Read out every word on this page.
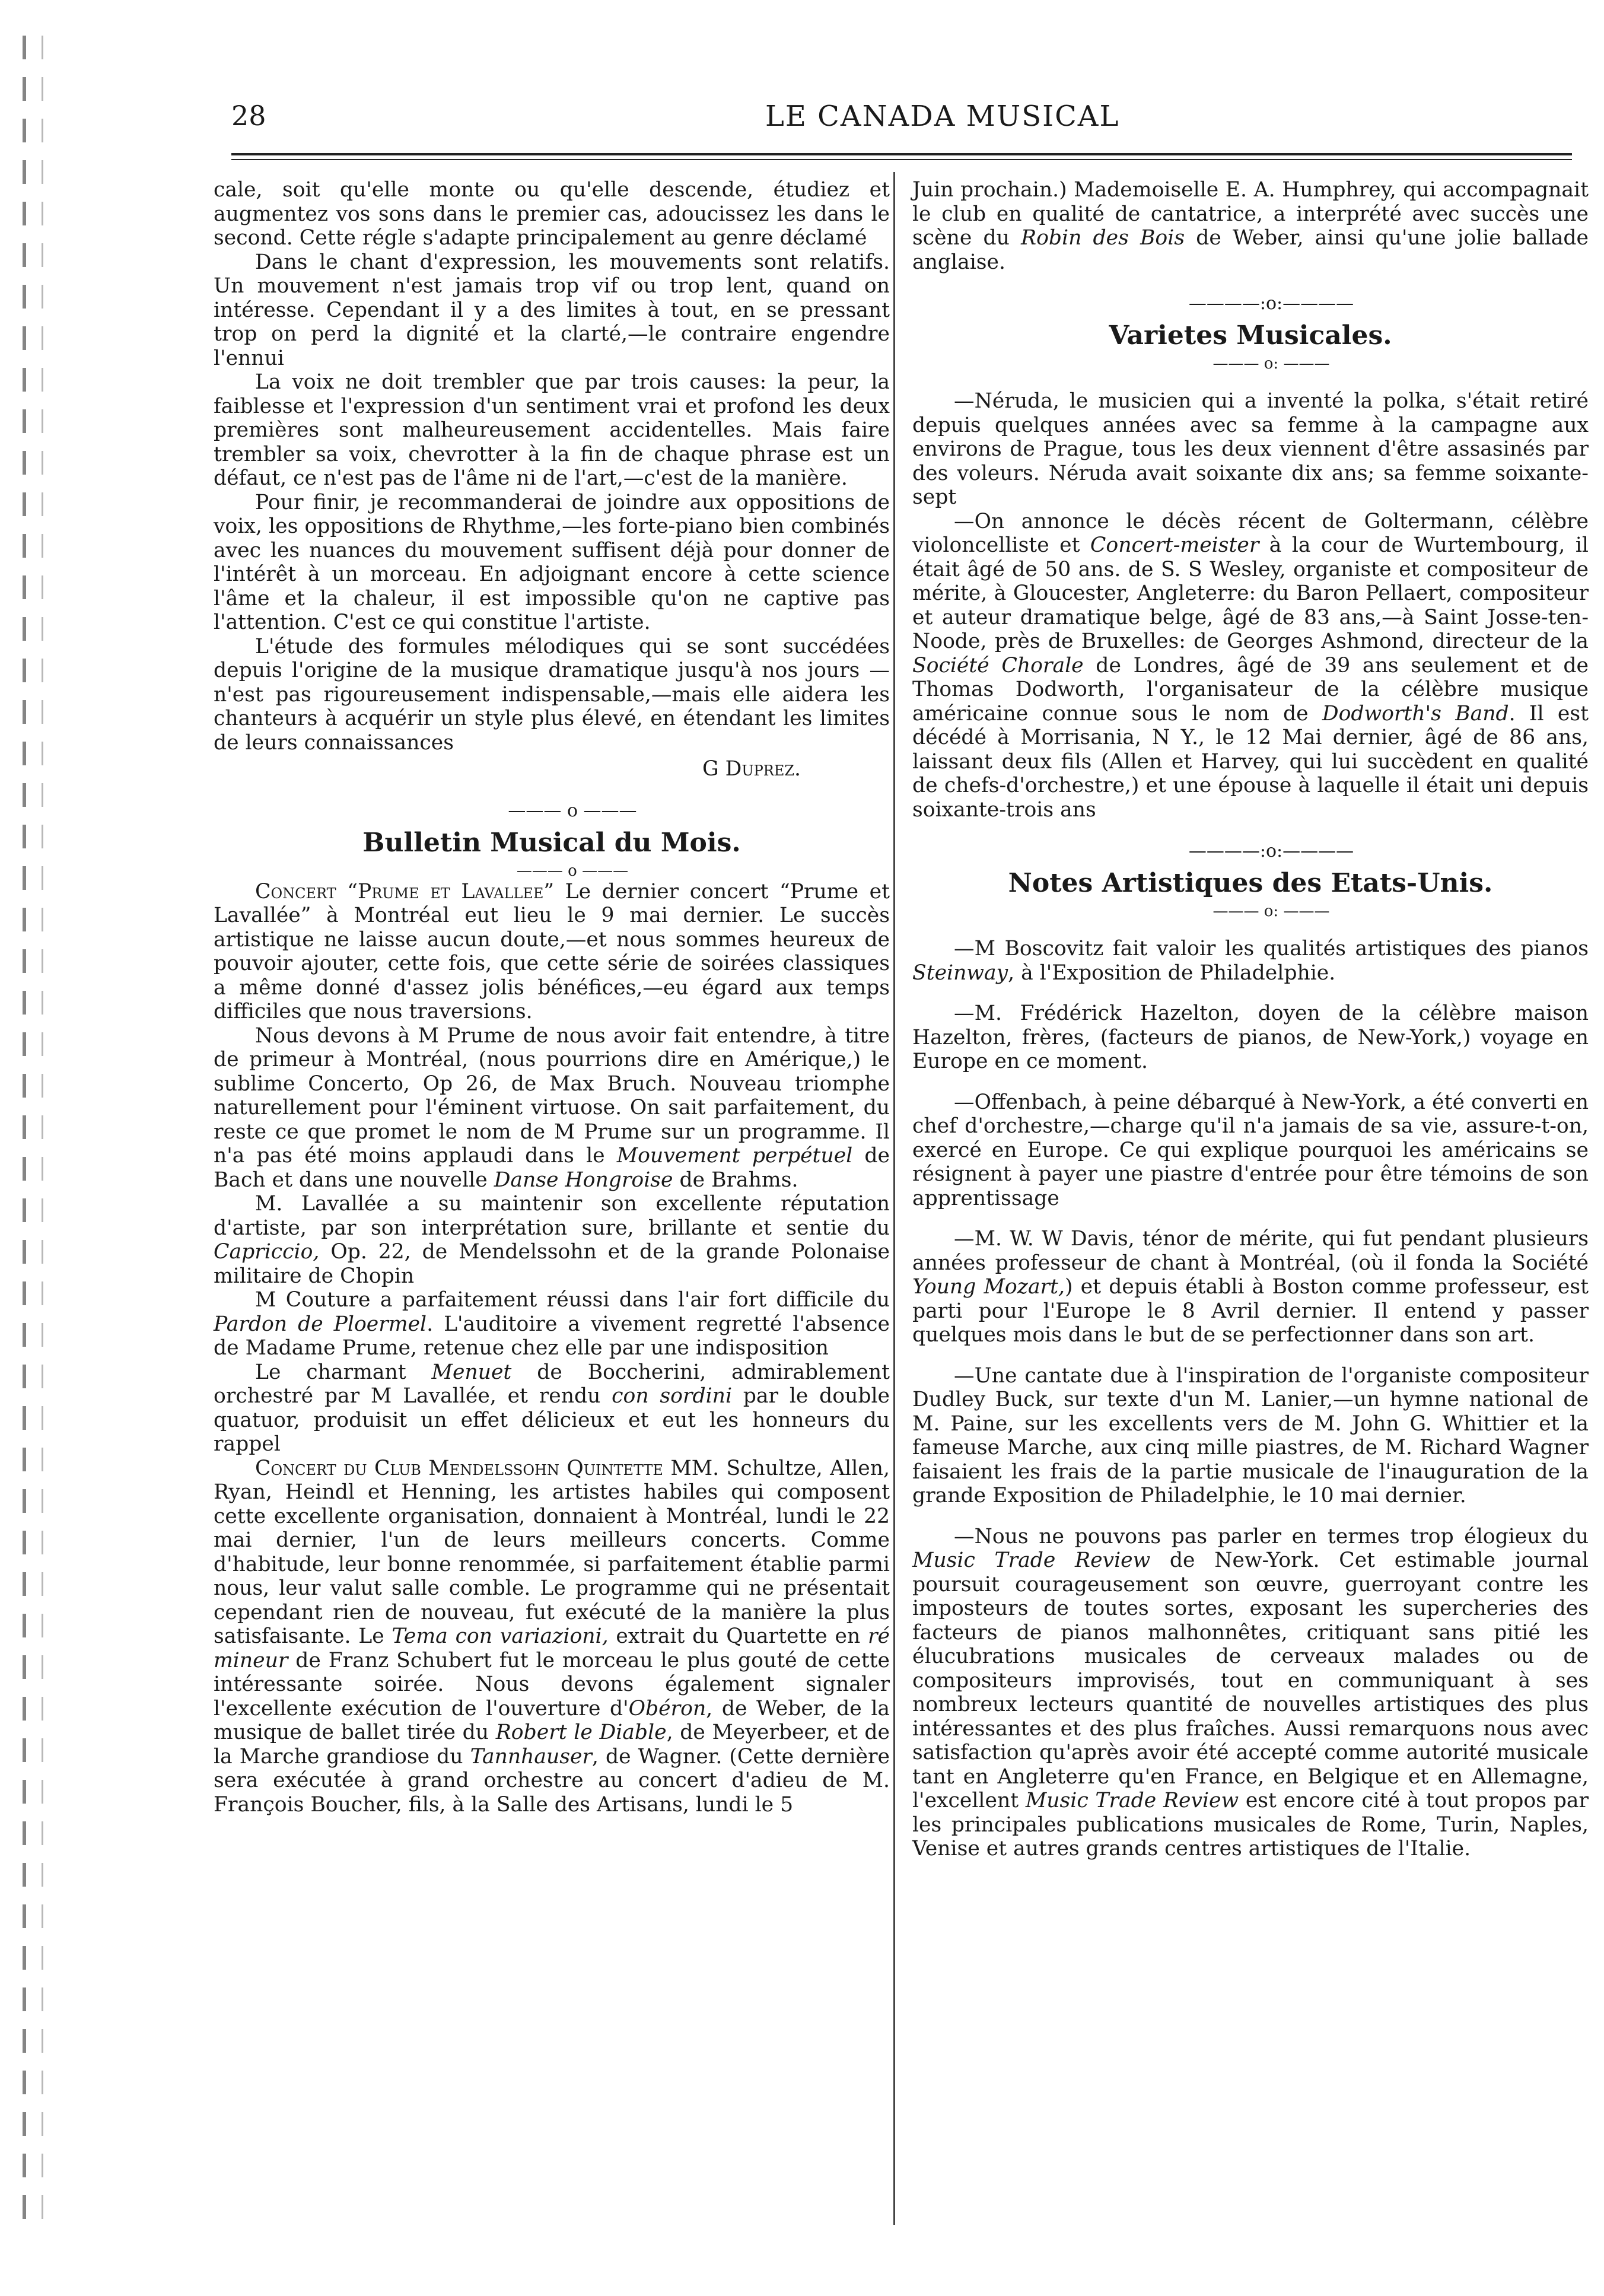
28	LE CANADA MUSICAL

cale, soit qu'elle monte ou qu'elle descende, étudiez et augmentez vos sons dans le premier cas, adoucissez les dans le second. Cette régle s'adapte principalement au genre déclamé

Dans le chant d'expression, les mouvements sont relatifs. Un mouvement n'est jamais trop vif ou trop lent, quand on intéresse. Cependant il y a des limites à tout, en se pressant trop on perd la dignité et la clarté,—le contraire engendre l'ennui

La voix ne doit trembler que par trois causes: la peur, la faiblesse et l'expression d'un sentiment vrai et profond les deux premières sont malheureusement accidentelles. Mais faire trembler sa voix, chevrotter à la fin de chaque phrase est un défaut, ce n'est pas de l'âme ni de l'art,—c'est de la manière.

Pour finir, je recommanderai de joindre aux oppositions de voix, les oppositions de Rhythme,—les forte-piano bien combinés avec les nuances du mouvement suffisent déjà pour donner de l'intérêt à un morceau. En adjoignant encore à cette science l'âme et la chaleur, il est impossible qu'on ne captive pas l'attention. C'est ce qui constitue l'artiste.

L'étude des formules mélodiques qui se sont succédées depuis l'origine de la musique dramatique jusqu'à nos jours —n'est pas rigoureusement indispensable,—mais elle aidera les chanteurs à acquérir un style plus élevé, en étendant les limites de leurs connaissances

G Duprez.

——— o ———

Bulletin Musical du Mois.

——— o ———

Concert “Prume et Lavallee” Le dernier concert “Prume et Lavallée” à Montréal eut lieu le 9 mai dernier. Le succès artistique ne laisse aucun doute,—et nous sommes heureux de pouvoir ajouter, cette fois, que cette série de soirées classiques a même donné d'assez jolis bénéfices,—eu égard aux temps difficiles que nous traversions.

Nous devons à M Prume de nous avoir fait entendre, à titre de primeur à Montréal, (nous pourrions dire en Amérique,) le sublime Concerto, Op 26, de Max Bruch. Nouveau triomphe naturellement pour l'éminent virtuose. On sait parfaitement, du reste ce que promet le nom de M Prume sur un programme. Il n'a pas été moins applaudi dans le Mouvement perpétuel de Bach et dans une nouvelle Danse Hongroise de Brahms.

M. Lavallée a su maintenir son excellente réputation d'artiste, par son interprétation sure, brillante et sentie du Capriccio, Op. 22, de Mendelssohn et de la grande Polonaise militaire de Chopin

M Couture a parfaitement réussi dans l'air fort difficile du Pardon de Ploermel. L'auditoire a vivement regretté l'absence de Madame Prume, retenue chez elle par une indisposition

Le charmant Menuet de Boccherini, admirablement orchestré par M Lavallée, et rendu con sordini par le double quatuor, produisit un effet délicieux et eut les honneurs du rappel

Concert du Club Mendelssohn Quintette MM. Schultze, Allen, Ryan, Heindl et Henning, les artistes habiles qui composent cette excellente organisation, donnaient à Montréal, lundi le 22 mai dernier, l'un de leurs meilleurs concerts. Comme d'habitude, leur bonne renommée, si parfaitement établie parmi nous, leur valut salle comble. Le programme qui ne présentait cependant rien de nouveau, fut exécuté de la manière la plus satisfaisante. Le Tema con variazioni, extrait du Quartette en ré mineur de Franz Schubert fut le morceau le plus gouté de cette intéressante soirée. Nous devons également signaler l'excellente exécution de l'ouverture d'Obéron, de Weber, de la musique de ballet tirée du Robert le Diable, de Meyerbeer, et de la Marche grandiose du Tannhauser, de Wagner. (Cette dernière sera exécutée à grand orchestre au concert d'adieu de M. François Boucher, fils, à la Salle des Artisans, lundi le 5

Juin prochain.) Mademoiselle E. A. Humphrey, qui accompagnait le club en qualité de cantatrice, a interprété avec succès une scène du Robin des Bois de Weber, ainsi qu'une jolie ballade anglaise.

————:o:————

Varietes Musicales.

——— o: ———

—Néruda, le musicien qui a inventé la polka, s'était retiré depuis quelques années avec sa femme à la campagne aux environs de Prague, tous les deux viennent d'être assasinés par des voleurs. Néruda avait soixante dix ans; sa femme soixante-sept

—On annonce le décès récent de Goltermann, célèbre violoncelliste et Concert-meister à la cour de Wurtembourg, il était âgé de 50 ans. de S. S Wesley, organiste et compositeur de mérite, à Gloucester, Angleterre: du Baron Pellaert, compositeur et auteur dramatique belge, âgé de 83 ans,—à Saint Josse-ten-Noode, près de Bruxelles: de Georges Ashmond, directeur de la Société Chorale de Londres, âgé de 39 ans seulement et de Thomas Dodworth, l'organisateur de la célèbre musique américaine connue sous le nom de Dodworth's Band. Il est décédé à Morrisania, N Y., le 12 Mai dernier, âgé de 86 ans, laissant deux fils (Allen et Harvey, qui lui succèdent en qualité de chefs-d'orchestre,) et une épouse à laquelle il était uni depuis soixante-trois ans

————:o:————

Notes Artistiques des Etats-Unis.

——— o: ———

—M Boscovitz fait valoir les qualités artistiques des pianos Steinway, à l'Exposition de Philadelphie.

—M. Frédérick Hazelton, doyen de la célèbre maison Hazelton, frères, (facteurs de pianos, de New-York,) voyage en Europe en ce moment.

—Offenbach, à peine débarqué à New-York, a été converti en chef d'orchestre,—charge qu'il n'a jamais de sa vie, assure-t-on, exercé en Europe. Ce qui explique pourquoi les américains se résignent à payer une piastre d'entrée pour être témoins de son apprentissage

—M. W. W Davis, ténor de mérite, qui fut pendant plusieurs années professeur de chant à Montréal, (où il fonda la Société Young Mozart,) et depuis établi à Boston comme professeur, est parti pour l'Europe le 8 Avril dernier. Il entend y passer quelques mois dans le but de se perfectionner dans son art.

—Une cantate due à l'inspiration de l'organiste compositeur Dudley Buck, sur texte d'un M. Lanier,—un hymne national de M. Paine, sur les excellents vers de M. John G. Whittier et la fameuse Marche, aux cinq mille piastres, de M. Richard Wagner faisaient les frais de la partie musicale de l'inauguration de la grande Exposition de Philadelphie, le 10 mai dernier.

—Nous ne pouvons pas parler en termes trop élogieux du Music Trade Review de New-York. Cet estimable journal poursuit courageusement son œuvre, guerroyant contre les imposteurs de toutes sortes, exposant les supercheries des facteurs de pianos malhonnêtes, critiquant sans pitié les élucubrations musicales de cerveaux malades ou de compositeurs improvisés, tout en communiquant à ses nombreux lecteurs quantité de nouvelles artistiques des plus intéressantes et des plus fraîches. Aussi remarquons nous avec satisfaction qu'après avoir été accepté comme autorité musicale tant en Angleterre qu'en France, en Belgique et en Allemagne, l'excellent Music Trade Review est encore cité à tout propos par les principales publications musicales de Rome, Turin, Naples, Venise et autres grands centres artistiques de l'Italie.
